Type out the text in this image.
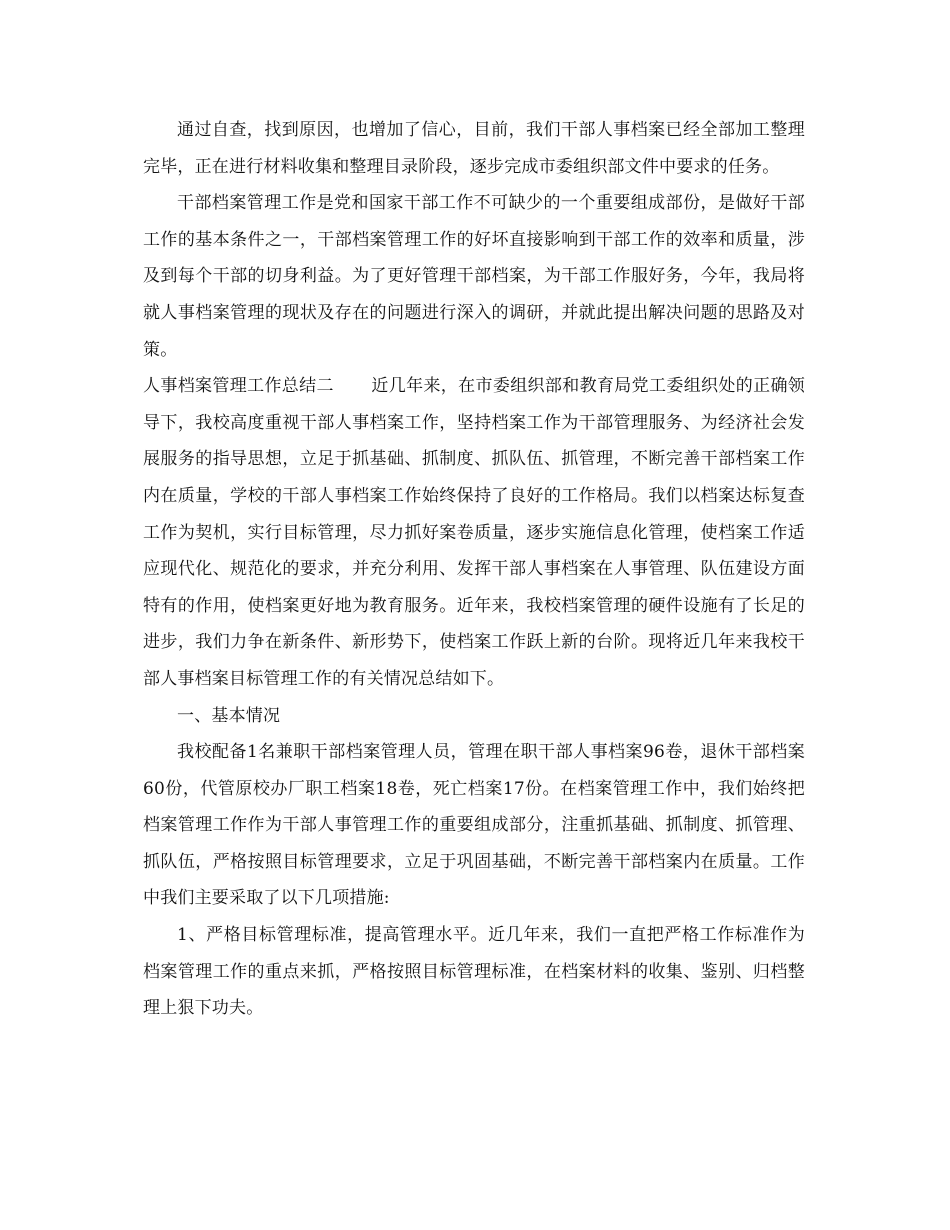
通过自查，找到原因，也增加了信心，目前，我们干部人事档案已经全部加工整理完毕，正在进行材料收集和整理目录阶段，逐步完成市委组织部文件中要求的任务。

干部档案管理工作是党和国家干部工作不可缺少的一个重要组成部份，是做好干部工作的基本条件之一，干部档案管理工作的好坏直接影响到干部工作的效率和质量，涉及到每个干部的切身利益。为了更好管理干部档案，为干部工作服好务，今年，我局将就人事档案管理的现状及存在的问题进行深入的调研，并就此提出解决问题的思路及对策。

人事档案管理工作总结二 近几年来，在市委组织部和教育局党工委组织处的正确领导下，我校高度重视干部人事档案工作，坚持档案工作为干部管理服务、为经济社会发展服务的指导思想，立足于抓基础、抓制度、抓队伍、抓管理，不断完善干部档案工作内在质量，学校的干部人事档案工作始终保持了良好的工作格局。我们以档案达标复查工作为契机，实行目标管理，尽力抓好案卷质量，逐步实施信息化管理，使档案工作适应现代化、规范化的要求，并充分利用、发挥干部人事档案在人事管理、队伍建设方面特有的作用，使档案更好地为教育服务。近年来，我校档案管理的硬件设施有了长足的进步，我们力争在新条件、新形势下，使档案工作跃上新的台阶。现将近几年来我校干部人事档案目标管理工作的有关情况总结如下。

一、基本情况

我校配备1名兼职干部档案管理人员，管理在职干部人事档案96卷，退休干部档案60份，代管原校办厂职工档案18卷，死亡档案17份。在档案管理工作中，我们始终把档案管理工作作为干部人事管理工作的重要组成部分，注重抓基础、抓制度、抓管理、抓队伍，严格按照目标管理要求，立足于巩固基础，不断完善干部档案内在质量。工作中我们主要采取了以下几项措施:

1、严格目标管理标准，提高管理水平。近几年来，我们一直把严格工作标准作为档案管理工作的重点来抓，严格按照目标管理标准，在档案材料的收集、鉴别、归档整理上狠下功夫。
